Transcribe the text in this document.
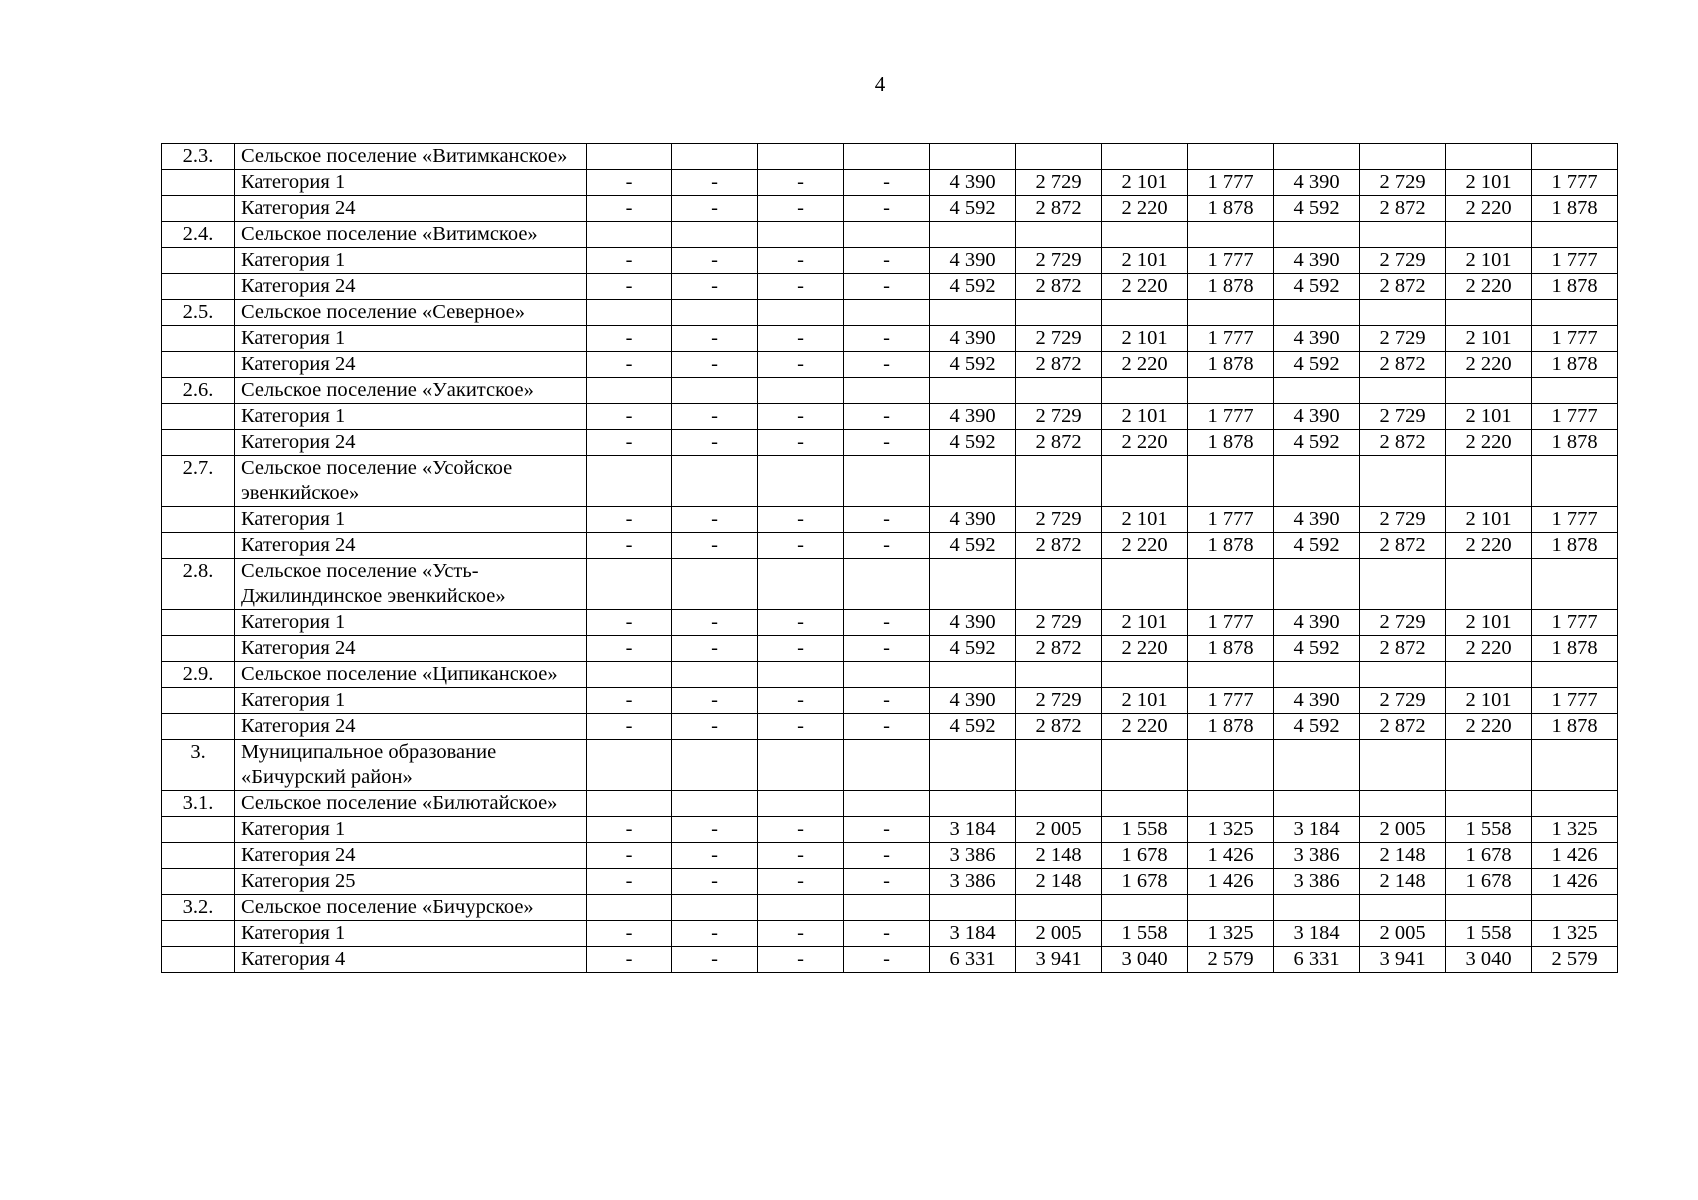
4
2.3.	Сельское поселение «Витимканское»												
	Категория 1	-	-	-	-	4 390	2 729	2 101	1 777	4 390	2 729	2 101	1 777
	Категория 24	-	-	-	-	4 592	2 872	2 220	1 878	4 592	2 872	2 220	1 878
2.4.	Сельское поселение «Витимское»												
	Категория 1	-	-	-	-	4 390	2 729	2 101	1 777	4 390	2 729	2 101	1 777
	Категория 24	-	-	-	-	4 592	2 872	2 220	1 878	4 592	2 872	2 220	1 878
2.5.	Сельское поселение «Северное»												
	Категория 1	-	-	-	-	4 390	2 729	2 101	1 777	4 390	2 729	2 101	1 777
	Категория 24	-	-	-	-	4 592	2 872	2 220	1 878	4 592	2 872	2 220	1 878
2.6.	Сельское поселение «Уакитское»												
	Категория 1	-	-	-	-	4 390	2 729	2 101	1 777	4 390	2 729	2 101	1 777
	Категория 24	-	-	-	-	4 592	2 872	2 220	1 878	4 592	2 872	2 220	1 878
2.7.	Сельское поселение «Усойское эвенкийское»												
	Категория 1	-	-	-	-	4 390	2 729	2 101	1 777	4 390	2 729	2 101	1 777
	Категория 24	-	-	-	-	4 592	2 872	2 220	1 878	4 592	2 872	2 220	1 878
2.8.	Сельское поселение «Усть-Джилиндинское эвенкийское»												
	Категория 1	-	-	-	-	4 390	2 729	2 101	1 777	4 390	2 729	2 101	1 777
	Категория 24	-	-	-	-	4 592	2 872	2 220	1 878	4 592	2 872	2 220	1 878
2.9.	Сельское поселение «Ципиканское»												
	Категория 1	-	-	-	-	4 390	2 729	2 101	1 777	4 390	2 729	2 101	1 777
	Категория 24	-	-	-	-	4 592	2 872	2 220	1 878	4 592	2 872	2 220	1 878
3.	Муниципальное образование «Бичурский район»												
3.1.	Сельское поселение «Билютайское»												
	Категория 1	-	-	-	-	3 184	2 005	1 558	1 325	3 184	2 005	1 558	1 325
	Категория 24	-	-	-	-	3 386	2 148	1 678	1 426	3 386	2 148	1 678	1 426
	Категория 25	-	-	-	-	3 386	2 148	1 678	1 426	3 386	2 148	1 678	1 426
3.2.	Сельское поселение «Бичурское»												
	Категория 1	-	-	-	-	3 184	2 005	1 558	1 325	3 184	2 005	1 558	1 325
	Категория 4	-	-	-	-	6 331	3 941	3 040	2 579	6 331	3 941	3 040	2 579
